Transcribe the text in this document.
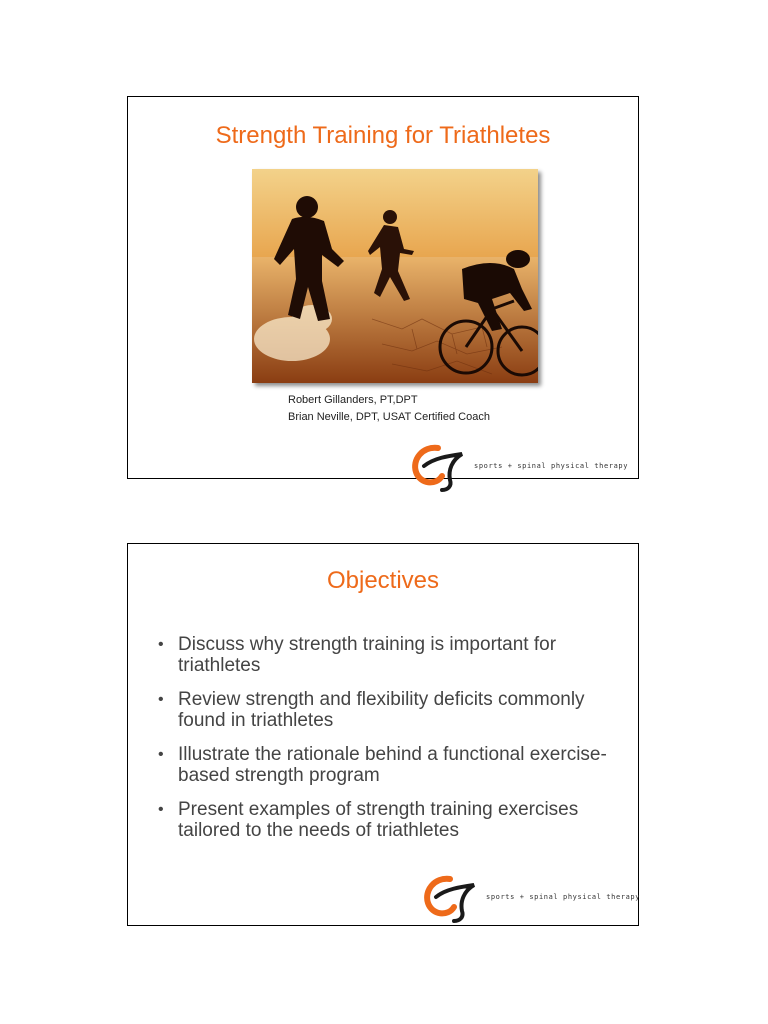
Strength Training for Triathletes
Robert Gillanders, PT,DPT
Brian Neville, DPT, USAT Certified Coach
sports + spinal physical therapy
Objectives
• Discuss why strength training is important for triathletes
• Review strength and flexibility deficits commonly found in triathletes
• Illustrate the rationale behind a functional exercise-based strength program
• Present examples of strength training exercises tailored to the needs of triathletes
sports + spinal physical therapy
